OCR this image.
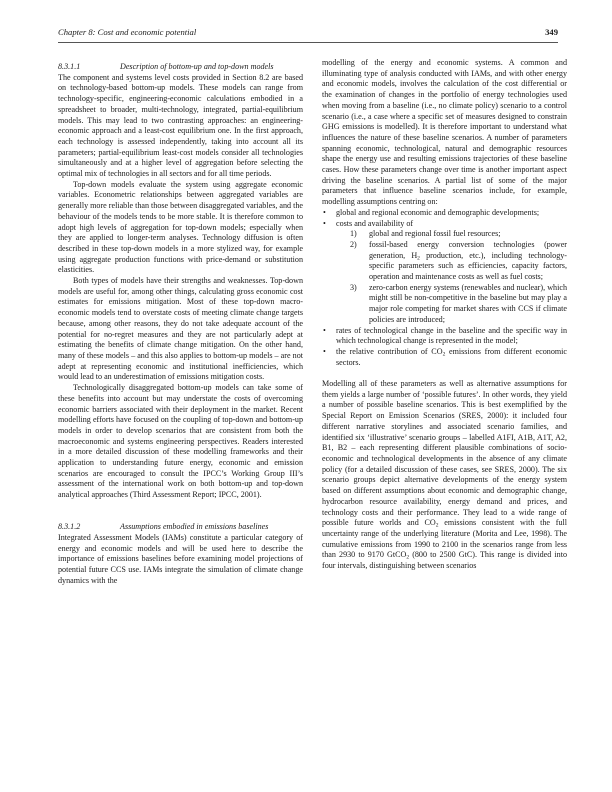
Chapter 8: Cost and economic potential	349

8.3.1.1	Description of bottom-up and top-down models

The component and systems level costs provided in Section 8.2 are based on technology-based bottom-up models. These models can range from technology-specific, engineering-economic calculations embodied in a spreadsheet to broader, multi-technology, integrated, partial-equilibrium models. This may lead to two contrasting approaches: an engineering-economic approach and a least-cost equilibrium one. In the first approach, each technology is assessed independently, taking into account all its parameters; partial-equilibrium least-cost models consider all technologies simultaneously and at a higher level of aggregation before selecting the optimal mix of technologies in all sectors and for all time periods.

Top-down models evaluate the system using aggregate economic variables. Econometric relationships between aggregated variables are generally more reliable than those between disaggregated variables, and the behaviour of the models tends to be more stable. It is therefore common to adopt high levels of aggregation for top-down models; especially when they are applied to longer-term analyses. Technology diffusion is often described in these top-down models in a more stylized way, for example using aggregate production functions with price-demand or substitution elasticities.

Both types of models have their strengths and weaknesses. Top-down models are useful for, among other things, calculating gross economic cost estimates for emissions mitigation. Most of these top-down macro-economic models tend to overstate costs of meeting climate change targets because, among other reasons, they do not take adequate account of the potential for no-regret measures and they are not particularly adept at estimating the benefits of climate change mitigation. On the other hand, many of these models – and this also applies to bottom-up models – are not adept at representing economic and institutional inefficiencies, which would lead to an underestimation of emissions mitigation costs.

Technologically disaggregated bottom-up models can take some of these benefits into account but may understate the costs of overcoming economic barriers associated with their deployment in the market. Recent modelling efforts have focused on the coupling of top-down and bottom-up models in order to develop scenarios that are consistent from both the macroeconomic and systems engineering perspectives. Readers interested in a more detailed discussion of these modelling frameworks and their application to understanding future energy, economic and emission scenarios are encouraged to consult the IPCC’s Working Group III’s assessment of the international work on both bottom-up and top-down analytical approaches (Third Assessment Report; IPCC, 2001).

8.3.1.2	Assumptions embodied in emissions baselines

Integrated Assessment Models (IAMs) constitute a particular category of energy and economic models and will be used here to describe the importance of emissions baselines before examining model projections of potential future CCS use. IAMs integrate the simulation of climate change dynamics with the

modelling of the energy and economic systems. A common and illuminating type of analysis conducted with IAMs, and with other energy and economic models, involves the calculation of the cost differential or the examination of changes in the portfolio of energy technologies used when moving from a baseline (i.e., no climate policy) scenario to a control scenario (i.e., a case where a specific set of measures designed to constrain GHG emissions is modelled). It is therefore important to understand what influences the nature of these baseline scenarios. A number of parameters spanning economic, technological, natural and demographic resources shape the energy use and resulting emissions trajectories of these baseline cases. How these parameters change over time is another important aspect driving the baseline scenarios. A partial list of some of the major parameters that influence baseline scenarios include, for example, modelling assumptions centring on:

• global and regional economic and demographic developments;
• costs and availability of
1) global and regional fossil fuel resources;
2) fossil-based energy conversion technologies (power generation, $H_2$ production, etc.), including technology-specific parameters such as efficiencies, capacity factors, operation and maintenance costs as well as fuel costs;
3) zero-carbon energy systems (renewables and nuclear), which might still be non-competitive in the baseline but may play a major role competing for market shares with CCS if climate policies are introduced;
• rates of technological change in the baseline and the specific way in which technological change is represented in the model;
• the relative contribution of $CO_2$ emissions from different economic sectors.

Modelling all of these parameters as well as alternative assumptions for them yields a large number of ‘possible futures’. In other words, they yield a number of possible baseline scenarios. This is best exemplified by the Special Report on Emission Scenarios (SRES, 2000): it included four different narrative storylines and associated scenario families, and identified six ‘illustrative’ scenario groups – labelled A1FI, A1B, A1T, A2, B1, B2 – each representing different plausible combinations of socio-economic and technological developments in the absence of any climate policy (for a detailed discussion of these cases, see SRES, 2000). The six scenario groups depict alternative developments of the energy system based on different assumptions about economic and demographic change, hydrocarbon resource availability, energy demand and prices, and technology costs and their performance. They lead to a wide range of possible future worlds and $CO_2$ emissions consistent with the full uncertainty range of the underlying literature (Morita and Lee, 1998). The cumulative emissions from 1990 to 2100 in the scenarios range from less than 2930 to 9170 GtCO$_2$ (800 to 2500 GtC). This range is divided into four intervals, distinguishing between scenarios
